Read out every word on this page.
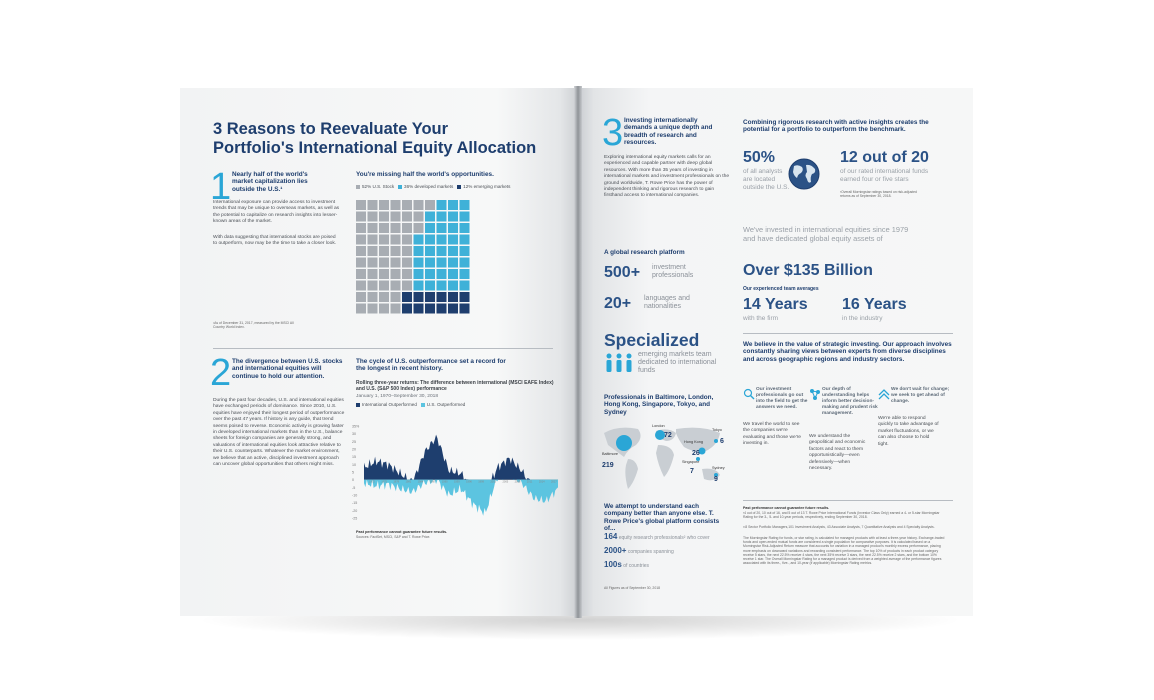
3 Reasons to Reevaluate Your
Portfolio's International Equity Allocation
1 Nearly half of the world's market capitalization lies outside the U.S.¹
International exposure can provide access to investment trends that may be unique to overseas markets, as well as the potential to capitalize on research insights into lesser-known areas of the market.
With data suggesting that international stocks are poised to outperform, now may be the time to take a closer look.
¹As of December 31, 2017, measured by the MSCI All Country World Index.
You're missing half the world's opportunities.
52% U.S. Stock 36% developed markets 12% emerging markets
2 The divergence between U.S. stocks and international equities will continue to hold our attention.
During the past four decades, U.S. and international equities have exchanged periods of dominance. Since 2010, U.S. equities have enjoyed their longest period of outperformance over the past 47 years. If history is any guide, that trend seems poised to reverse. Economic activity is growing faster in developed international markets than in the U.S., balance sheets for foreign companies are generally strong, and valuations of international equities look attractive relative to their U.S. counterparts. Whatever the market environment, we believe that an active, disciplined investment approach can uncover global opportunities that others might miss.
The cycle of U.S. outperformance set a record for the longest in recent history.
Rolling three-year returns: The difference between international (MSCI EAFE Index) and U.S. (S&P 500 Index) performance
January 1, 1970–September 30, 2018
International Outperformed U.S. Outperformed
35%
30
25
20
15
10
5
0
-5
-10
-15
-20
-25
1972 1975 1978 1981 1984 1987 1990 1993 1996 1999 2002 2005 2008 2011	2014 2017
Past performance cannot guarantee future results.
Sources: FactSet, MSCI, S&P and T. Rowe Price.
3 Investing internationally demands a unique depth and breadth of research and resources.
Exploring international equity markets calls for an experienced and capable partner with deep global resources. With more than 35 years of investing in international markets and investment professionals on the ground worldwide, T. Rowe Price has the power of independent thinking and rigorous research to gain firsthand access to international companies.
A global research platform
500+ investment professionals
20+ languages and nationalities
Specialized
emerging markets team dedicated to international funds
Professionals in Baltimore, London, Hong Kong, Singapore, Tokyo, and Sydney
London
72
Tokyo
6
Hong Kong
26
Baltimore
219	Singapore
7	Sydney
9
We attempt to understand each company better than anyone else. T. Rowe Price's global platform consists of...
164 equity research professionals² who cover
2000+ companies spanning
100s of countries
All Figures as of September 30, 2018
Combining rigorous research with active insights creates the potential for a portfolio to outperform the benchmark.
50%
of all analysts are located outside the U.S.
12 out of 20
of our rated international funds earned four or five stars
³Overall Morningstar ratings based on risk-adjusted returns as of September 30, 2018.
We've invested in international equities since 1979 and have dedicated global equity assets of
Over $135 Billion
Our experienced team averages
14 Years
with the firm
16 Years
in the industry
We believe in the value of strategic investing. Our approach involves constantly sharing views between experts from diverse disciplines and across geographic regions and industry sectors.
Our investment professionals go out into the field to get the answers we need.
We travel the world to see the companies we're evaluating and those we're investing in.
Our depth of understanding helps inform better decision-making and prudent risk management.
We understand the geopolitical and economic factors and react to them opportunistically—even defensively—when necessary.
We don't wait for change; we seek to get ahead of change.
We're able to respond quickly to take advantage of market fluctuations, or we can also choose to hold tight.
Past performance cannot guarantee future results.
³4 out of 20, 10 out of 16, and 5 out of 13 T. Rowe Price International Funds (Investor Class Only) earned a 4- or 5-star Morningstar Rating for the 3-, 5- and 10-year periods, respectively, ending September 30, 2018.
²¹8 Sector Portfolio Managers,101 Investment Analysts, 43 Associate Analysts, 7 Quantitative Analysts and 4 Specialty Analysts.
The Morningstar Rating for funds, or star rating, is calculated for managed products with at least a three-year history. Exchange-traded funds and open-ended mutual funds are considered a single population for comparative purposes. It is calculated based on a Morningstar Risk-Adjusted Return measure that accounts for variation in a managed product's monthly excess performance, placing more emphasis on downward variations and rewarding consistent performance. The top 10% of products in each product category receive 5 stars, the next 22.5% receive 4 stars, the next 35% receive 3 stars, the next 22.5% receive 2 stars, and the bottom 10% receive 1 star. The Overall Morningstar Rating for a managed product is derived from a weighted average of the performance figures associated with its three-, five-, and 10-year (if applicable) Morningstar Rating metrics.
